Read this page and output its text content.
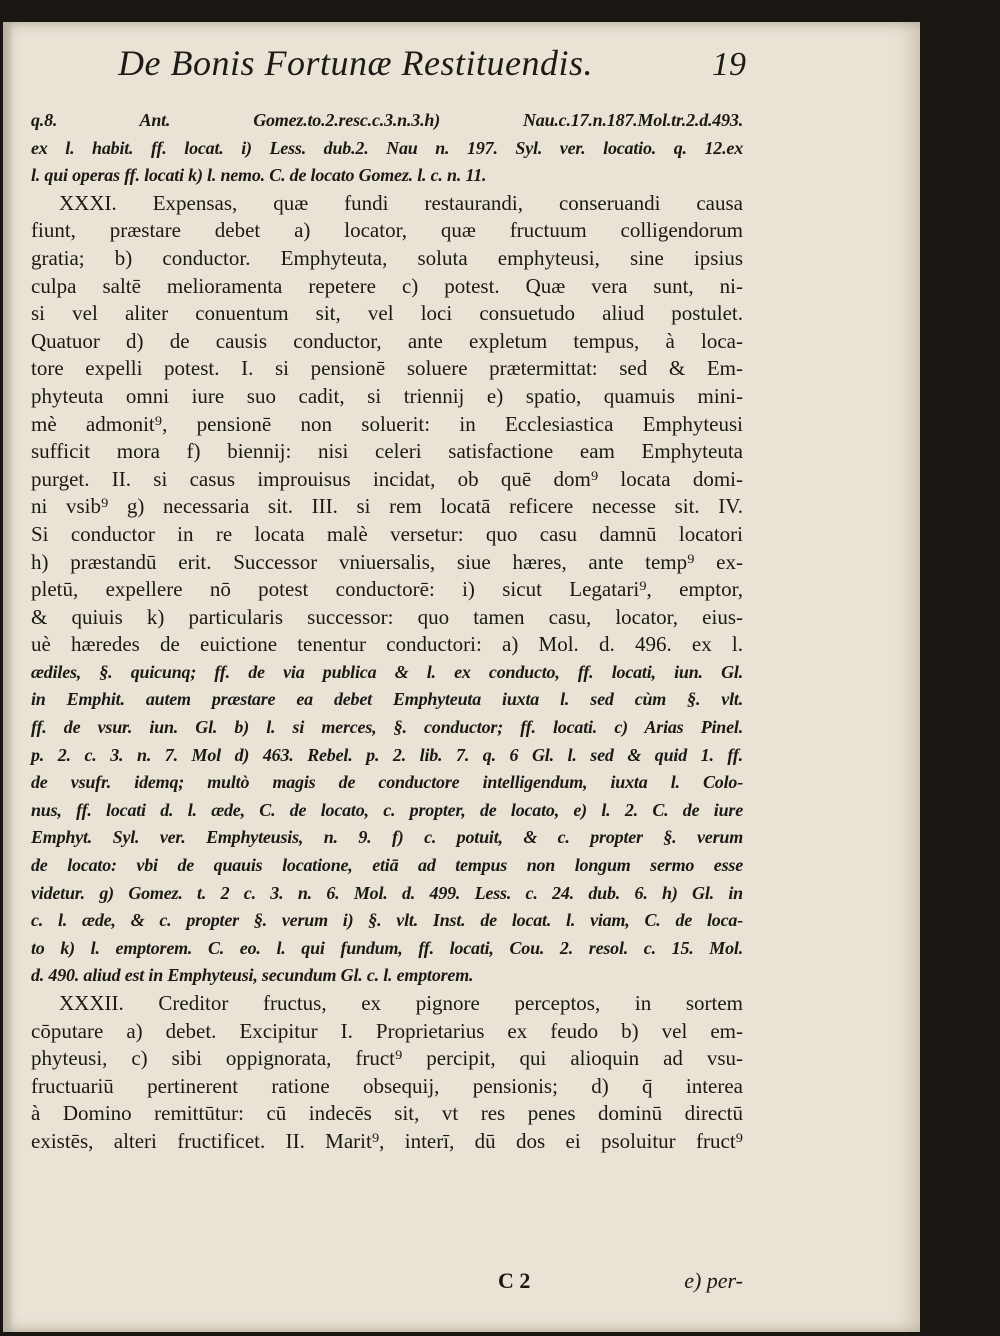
De Bonis Fortunæ Restituendis.	19
q.8. Ant. Gomez.to.2.resc.c.3.n.3.h) Nau.c.17.n.187.Mol.tr.2.d.493.
ex l. habit. ff. locat. i) Less. dub.2. Nau n. 197. Syl. ver. locatio. q. 12.ex
l. qui operas ff. locati k) l. nemo. C. de locato Gomez. l. c. n. 11.
XXXI. Expensas, quæ fundi restaurandi, conseruandi causa
fiunt, præstare debet a) locator, quæ fructuum colligendorum
gratia; b) conductor. Emphyteuta, soluta emphyteusi, sine ipsius
culpa saltē melioramenta repetere c) potest. Quæ vera sunt, ni-
si vel aliter conuentum sit, vel loci consuetudo aliud postulet.
Quatuor d) de causis conductor, ante expletum tempus, à loca-
tore expelli potest. I. si pensionē soluere prætermittat: sed & Em-
phyteuta omni iure suo cadit, si triennij e) spatio, quamuis mini-
mè admonit⁹, pensionē non soluerit: in Ecclesiastica Emphyteusi
sufficit mora f) biennij: nisi celeri satisfactione eam Emphyteuta
purget. II. si casus improuisus incidat, ob quē dom⁹ locata domi-
ni vsib⁹ g) necessaria sit. III. si rem locatā reficere necesse sit. IV.
Si conductor in re locata malè versetur: quo casu damnū locatori
h) præstandū erit. Successor vniuersalis, siue hæres, ante temp⁹ ex-
pletū, expellere nō potest conductorē: i) sicut Legatari⁹, emptor,
& quiuis k) particularis successor: quo tamen casu, locator, eius-
uè hæredes de euictione tenentur conductori: a) Mol. d. 496. ex l.
ædiles, §. quicunq; ff. de via publica & l. ex conducto, ff. locati, iun. Gl.
in Emphit. autem præstare ea debet Emphyteuta iuxta l. sed cùm §. vlt.
ff. de vsur. iun. Gl. b) l. si merces, §. conductor; ff. locati. c) Arias Pinel.
p. 2. c. 3. n. 7. Mol d) 463. Rebel. p. 2. lib. 7. q. 6 Gl. l. sed & quid 1. ff.
de vsufr. idemq; multò magis de conductore intelligendum, iuxta l. Colo-
nus, ff. locati d. l. æde, C. de locato, c. propter, de locato, e) l. 2. C. de iure
Emphyt. Syl. ver. Emphyteusis, n. 9. f) c. potuit, & c. propter §. verum
de locato: vbi de quauis locatione, etiā ad tempus non longum sermo esse
videtur. g) Gomez. t. 2 c. 3. n. 6. Mol. d. 499. Less. c. 24. dub. 6. h) Gl. in
c. l. æde, & c. propter §. verum i) §. vlt. Inst. de locat. l. viam, C. de loca-
to k) l. emptorem. C. eo. l. qui fundum, ff. locati, Cou. 2. resol. c. 15. Mol.
d. 490. aliud est in Emphyteusi, secundum Gl. c. l. emptorem.
XXXII. Creditor fructus, ex pignore perceptos, in sortem
cōputare a) debet. Excipitur I. Proprietarius ex feudo b) vel em-
phyteusi, c) sibi oppignorata, fruct⁹ percipit, qui alioquin ad vsu-
fructuariū pertinerent ratione obsequij, pensionis; d) q̄ interea
à Domino remittūtur: cū indecēs sit, vt res penes dominū directū
existēs, alteri fructificet. II. Marit⁹, interī, dū dos ei psoluitur fruct⁹
C 2	e) per-
